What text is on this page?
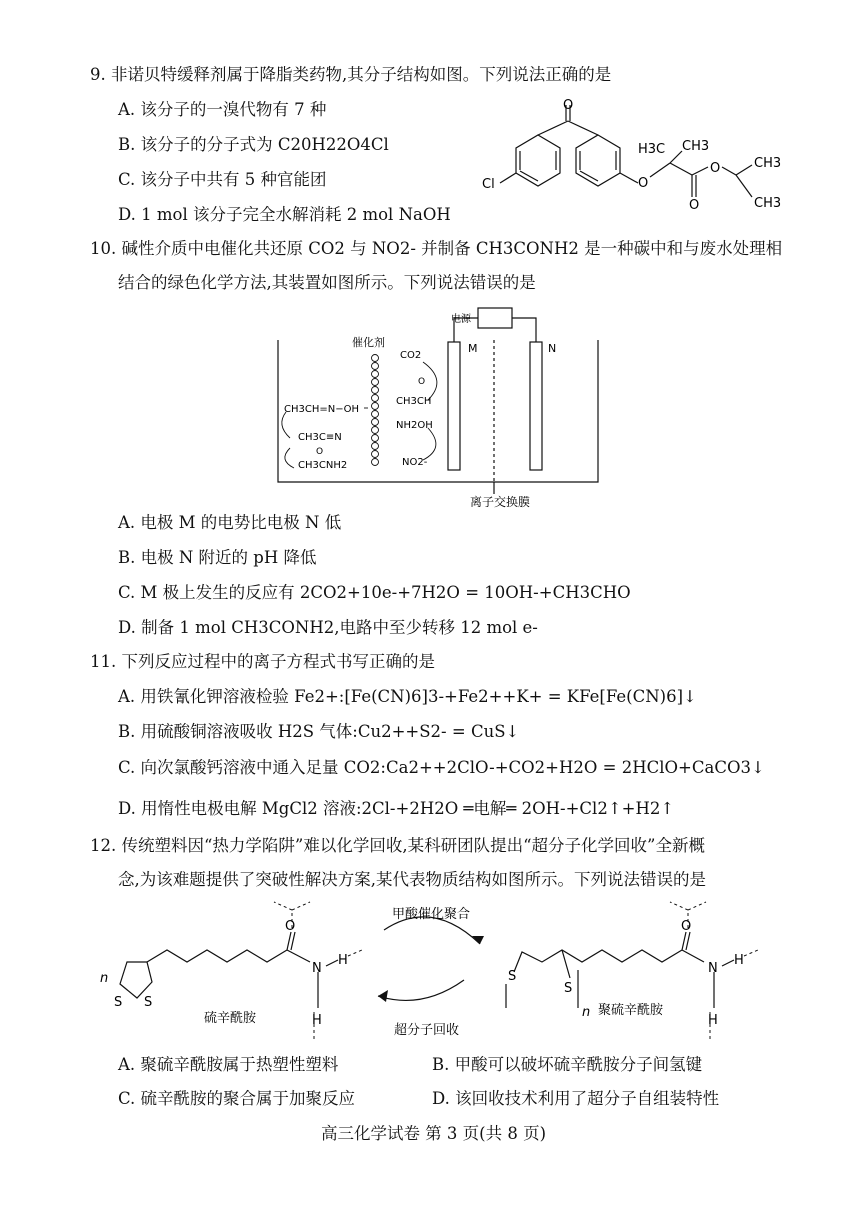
9. 非诺贝特缓释剂属于降脂类药物,其分子结构如图。下列说法正确的是
A. 该分子的一溴代物有 7 种
B. 该分子的分子式为 C20H22O4Cl
C. 该分子中共有 5 种官能团
D. 1 mol 该分子完全水解消耗 2 mol NaOH
O
Cl
H3C CH3
O
O
O	CH3
CH3
10. 碱性介质中电催化共还原 CO2 与 NO2- 并制备 CH3CONH2 是一种碳中和与废水处理相
结合的绿色化学方法,其装置如图所示。下列说法错误的是
电源
M	N
催化剂
CO2
O
CH3CH
NH2OH
NO2-
CH3CH=N−OH
CH3C≡N
O
CH3CNH2
离子交换膜
A. 电极 M 的电势比电极 N 低
B. 电极 N 附近的 pH 降低
C. M 极上发生的反应有 2CO2+10e-+7H2O = 10OH-+CH3CHO
D. 制备 1 mol CH3CONH2,电路中至少转移 12 mol e-
11. 下列反应过程中的离子方程式书写正确的是
A. 用铁氰化钾溶液检验 Fe2+:[Fe(CN)6]3-+Fe2++K+ = KFe[Fe(CN)6]↓
B. 用硫酸铜溶液吸收 H2S 气体:Cu2++S2- = CuS↓
C. 向次氯酸钙溶液中通入足量 CO2:Ca2++2ClO-+CO2+H2O = 2HClO+CaCO3↓
D. 用惰性电极电解 MgCl2 溶液:2Cl-+2H2O ═电解═ 2OH-+Cl2↑+H2↑
12. 传统塑料因“热力学陷阱”难以化学回收,某科研团队提出“超分子化学回收”全新概
念,为该难题提供了突破性解决方案,某代表物质结构如图所示。下列说法错误的是
n
S S
O
N
H
H
硫辛酰胺
甲酸催化聚合
超分子回收
S
S
n
O
N
H
H
聚硫辛酰胺
A. 聚硫辛酰胺属于热塑性塑料	B. 甲酸可以破坏硫辛酰胺分子间氢键
C. 硫辛酰胺的聚合属于加聚反应	D. 该回收技术利用了超分子自组装特性
高三化学试卷 第 3 页(共 8 页)
